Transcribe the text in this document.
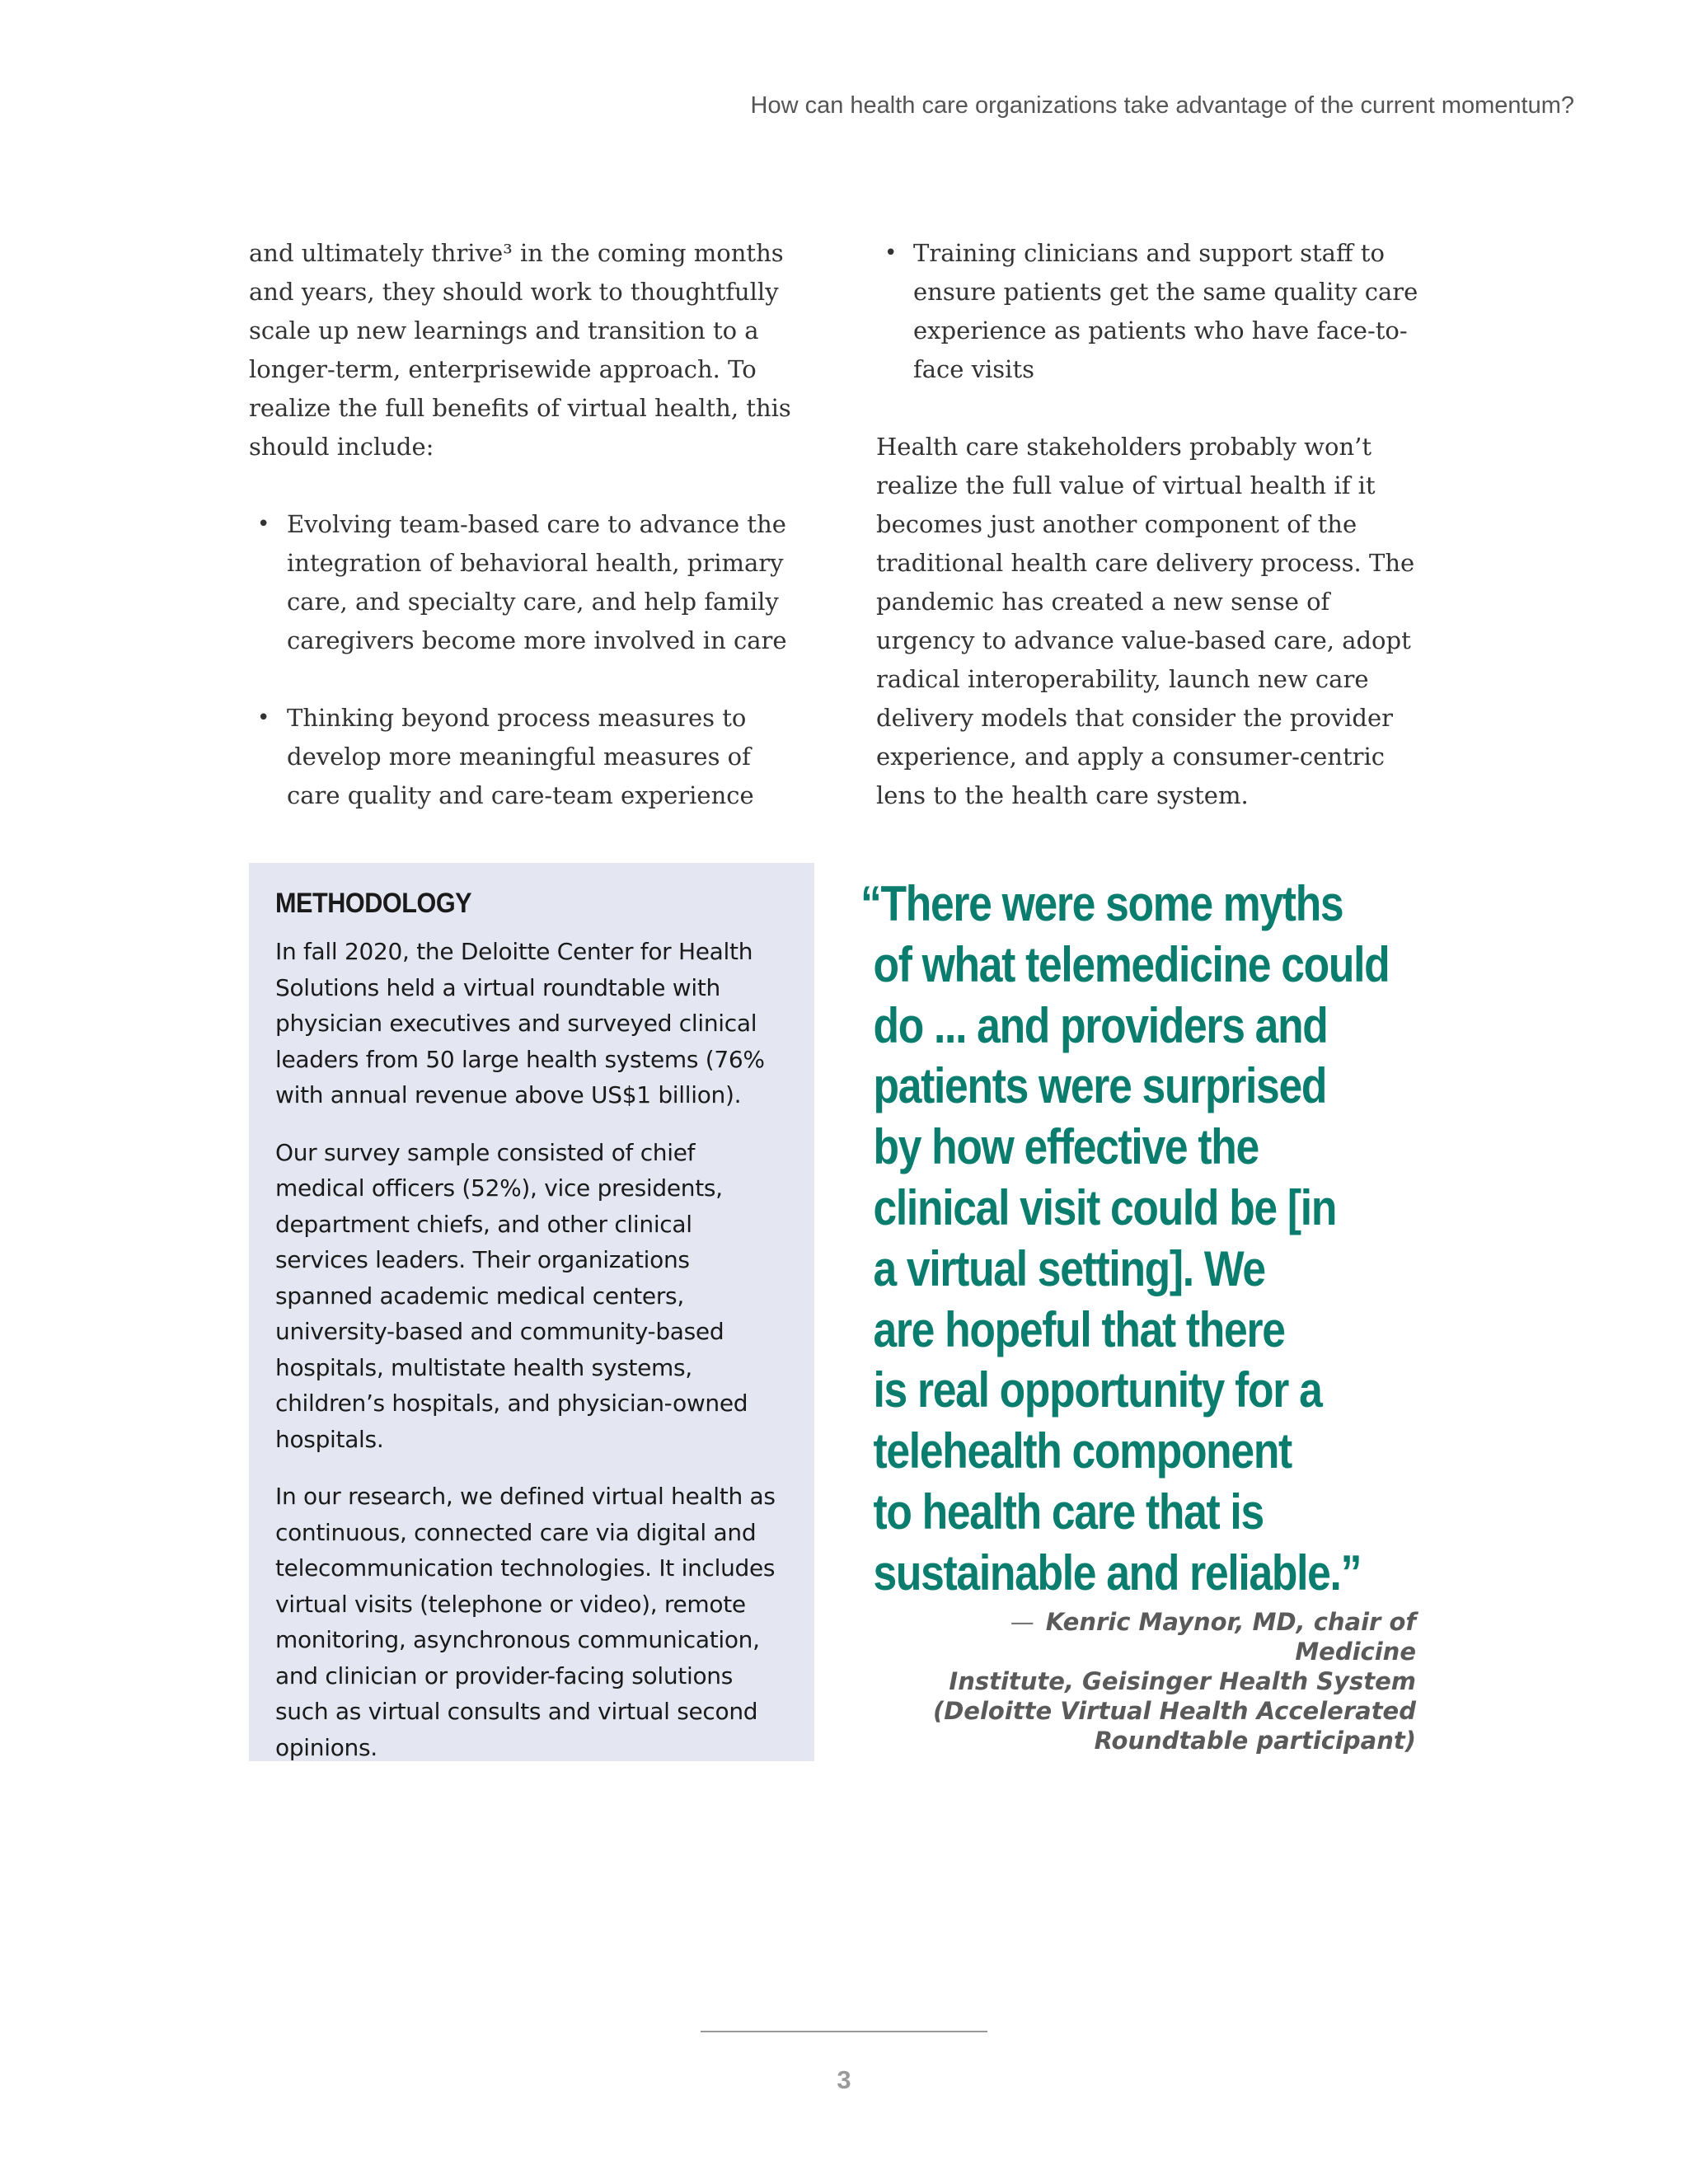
How can health care organizations take advantage of the current momentum?

and ultimately thrive³ in the coming months and years, they should work to thoughtfully scale up new learnings and transition to a longer-term, enterprisewide approach. To realize the full benefits of virtual health, this should include:

• Evolving team-based care to advance the integration of behavioral health, primary care, and specialty care, and help family caregivers become more involved in care
• Thinking beyond process measures to develop more meaningful measures of care quality and care-team experience
• Training clinicians and support staff to ensure patients get the same quality care experience as patients who have face-to-face visits

Health care stakeholders probably won’t realize the full value of virtual health if it becomes just another component of the traditional health care delivery process. The pandemic has created a new sense of urgency to advance value-based care, adopt radical interoperability, launch new care delivery models that consider the provider experience, and apply a consumer-centric lens to the health care system.

METHODOLOGY

In fall 2020, the Deloitte Center for Health Solutions held a virtual roundtable with physician executives and surveyed clinical leaders from 50 large health systems (76% with annual revenue above US$1 billion).

Our survey sample consisted of chief medical officers (52%), vice presidents, department chiefs, and other clinical services leaders. Their organizations spanned academic medical centers, university-based and community-based hospitals, multistate health systems, children’s hospitals, and physician-owned hospitals.

In our research, we defined virtual health as continuous, connected care via digital and telecommunication technologies. It includes virtual visits (telephone or video), remote monitoring, asynchronous communication, and clinician or provider-facing solutions such as virtual consults and virtual second opinions.

“There were some myths
of what telemedicine could
do ... and providers and
patients were surprised
by how effective the
clinical visit could be [in
a virtual setting]. We
are hopeful that there
is real opportunity for a
telehealth component
to health care that is
sustainable and reliable.”
— Kenric Maynor, MD, chair of Medicine
Institute, Geisinger Health System
(Deloitte Virtual Health Accelerated
Roundtable participant)
3
